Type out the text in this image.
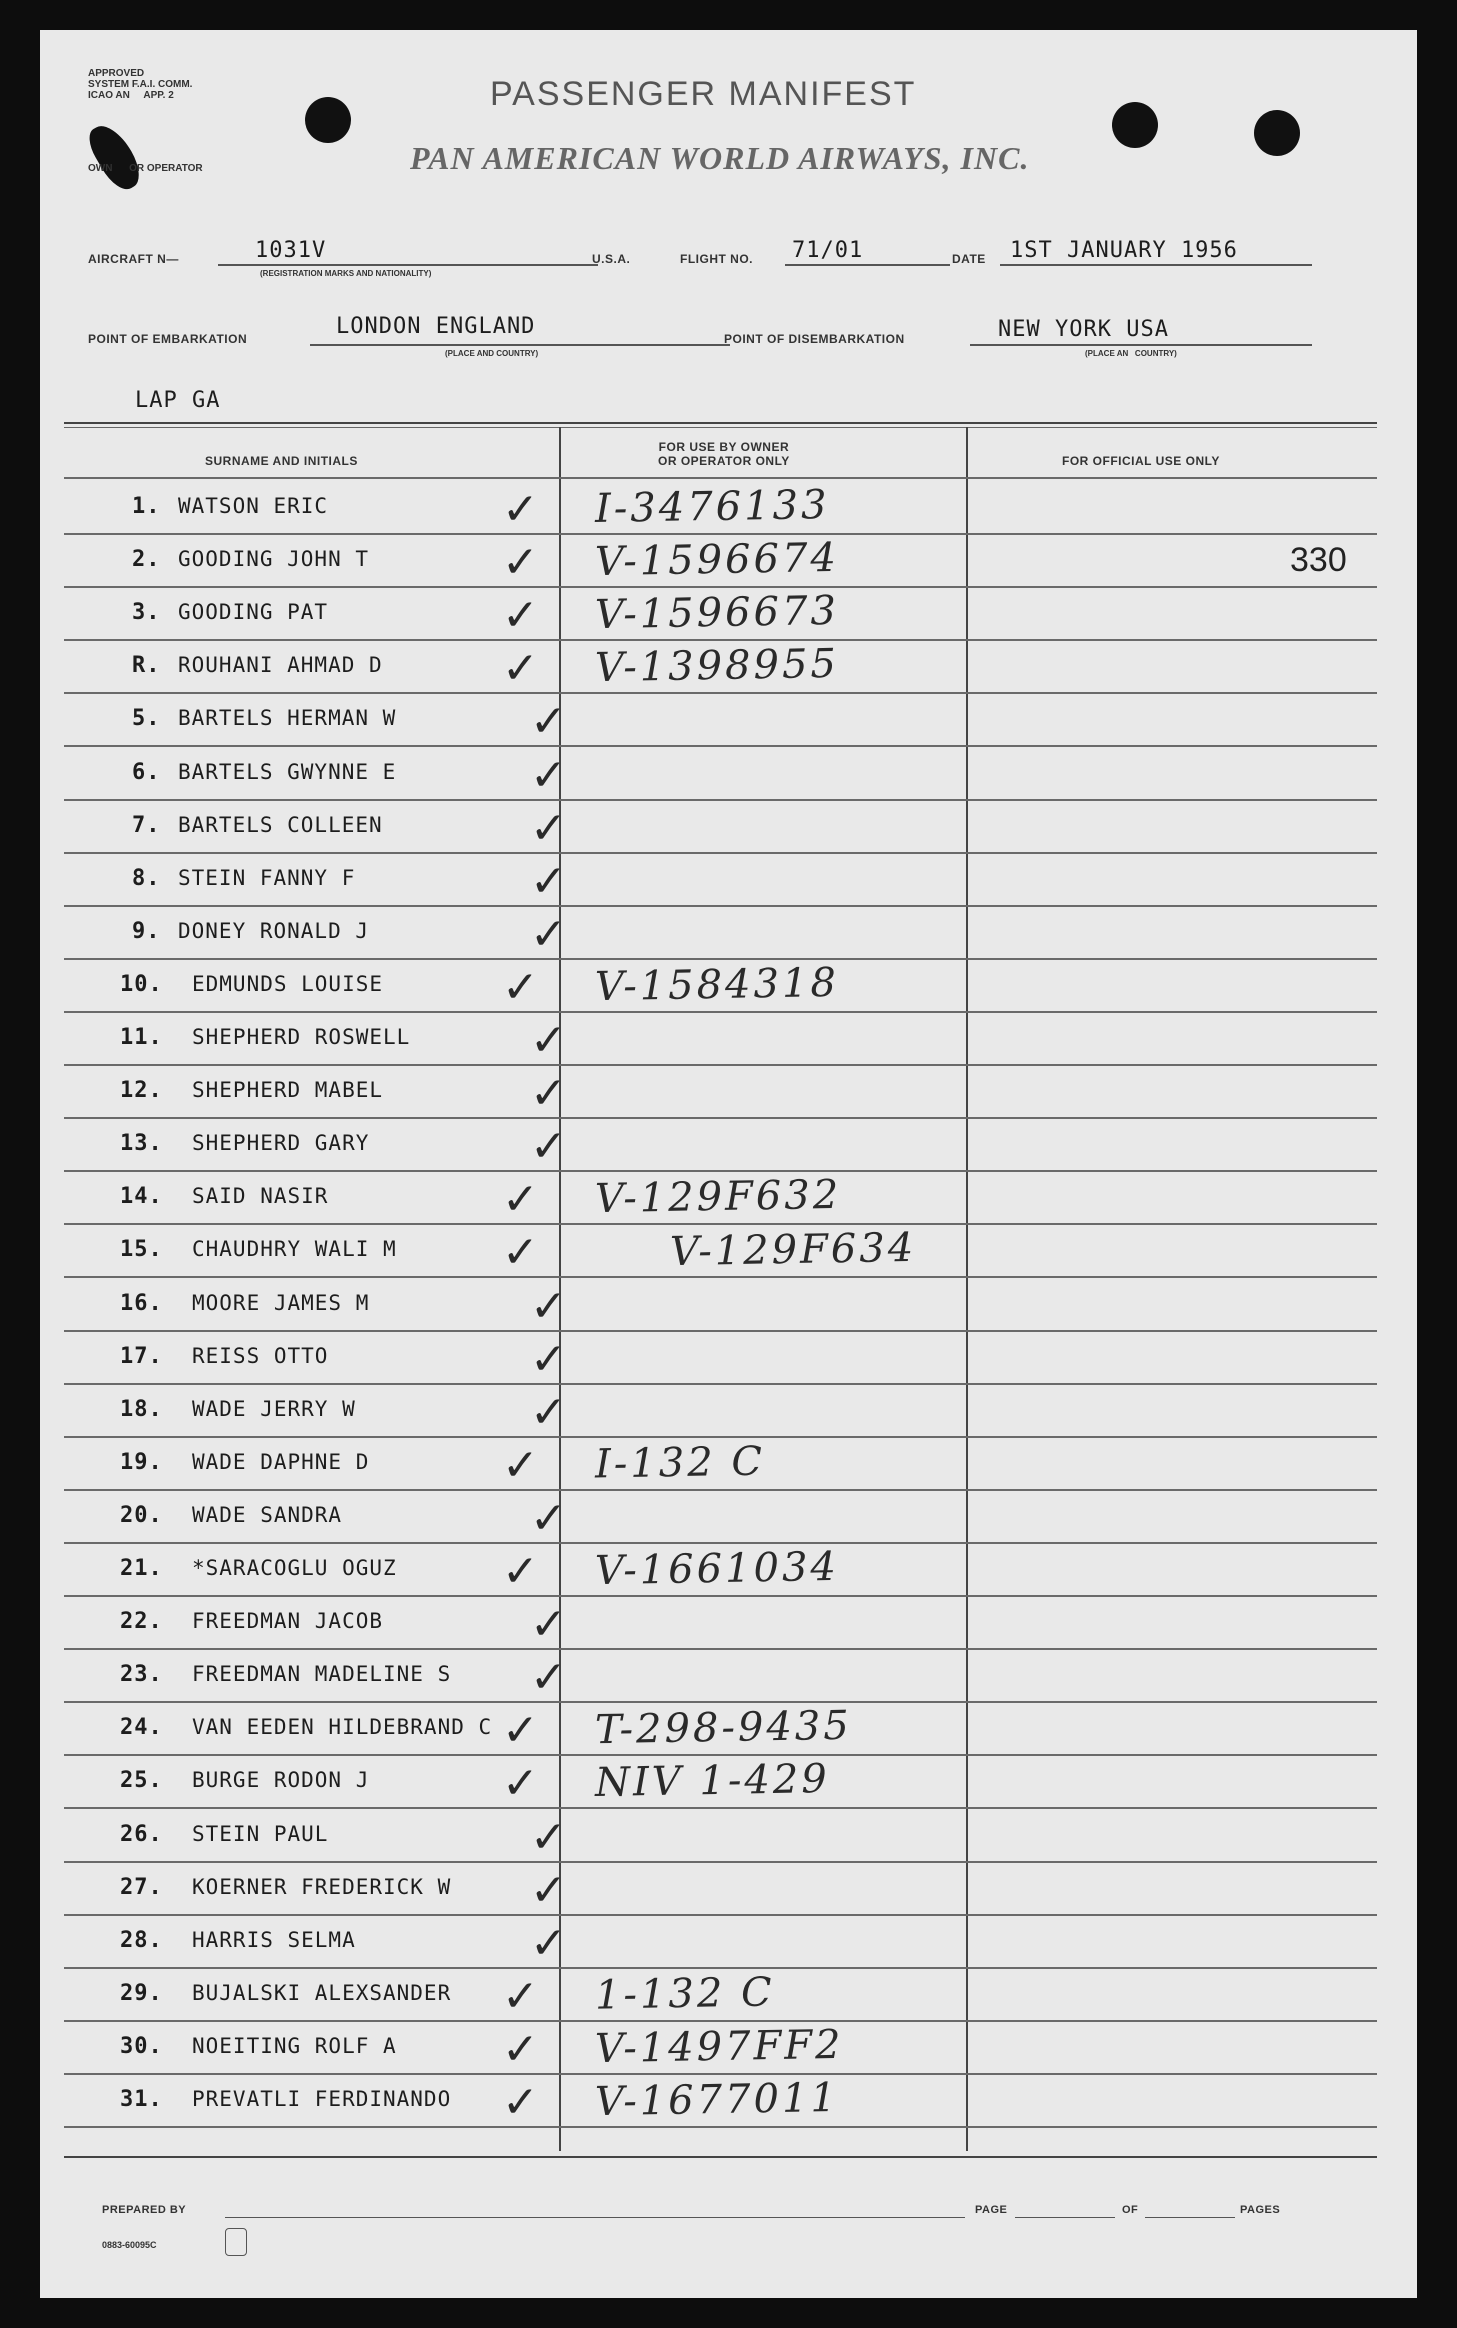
APPROVED
SYSTEM F.A.I. COMM.
ICAO AN APP. 2
OWN      OR OPERATOR
PASSENGER MANIFEST
PAN AMERICAN WORLD AIRWAYS, INC.
AIRCRAFT N—	1031V
(REGISTRATION MARKS AND NATIONALITY)
U.S.A.	FLIGHT NO. 71/01	DATE 1ST JANUARY 1956
POINT OF EMBARKATION	LONDON ENGLAND
(PLACE AND COUNTRY)
POINT OF DISEMBARKATION	NEW YORK USA
(PLACE AN   COUNTRY)
LAP GA
SURNAME AND INITIALS
FOR USE BY OWNER
OR OPERATOR ONLY	FOR OFFICIAL USE ONLY
1. WATSON ERIC	✓ I-3476133
2. GOODING JOHN T	✓ V-1596674	330
3. GOODING PAT	✓ V-1596673
R. ROUHANI AHMAD D	✓ V-1398955
5. BARTELS HERMAN W	✓
6. BARTELS GWYNNE E	✓
7. BARTELS COLLEEN	✓
8. STEIN FANNY F	✓
9. DONEY RONALD J	✓
10. EDMUNDS LOUISE	✓ V-1584318
11. SHEPHERD ROSWELL	✓
12. SHEPHERD MABEL	✓
13. SHEPHERD GARY	✓
14. SAID NASIR	✓ V-129F632
15. CHAUDHRY WALI M ✓	V-129F634
16. MOORE JAMES M	✓
17. REISS OTTO	✓
18. WADE JERRY W	✓
19. WADE DAPHNE D	✓ I-132 C
20. WADE SANDRA	✓
21. *SARACOGLU OGUZ ✓ V-1661034
22. FREEDMAN JACOB	✓
23. FREEDMAN MADELINE S ✓
24. VAN EEDEN HILDEBRAND C ✓ T-298-9435
25. BURGE RODON J	✓ NIV 1-429
26. STEIN PAUL	✓
27. KOERNER FREDERICK W ✓
28. HARRIS SELMA	✓
29. BUJALSKI ALEXSANDER ✓ 1-132 C
30. NOEITING ROLF A ✓ V-1497FF2
31. PREVATLI FERDINANDO ✓ V-1677011
PREPARED BY	PAGE	OF	PAGES
0883-60095C
